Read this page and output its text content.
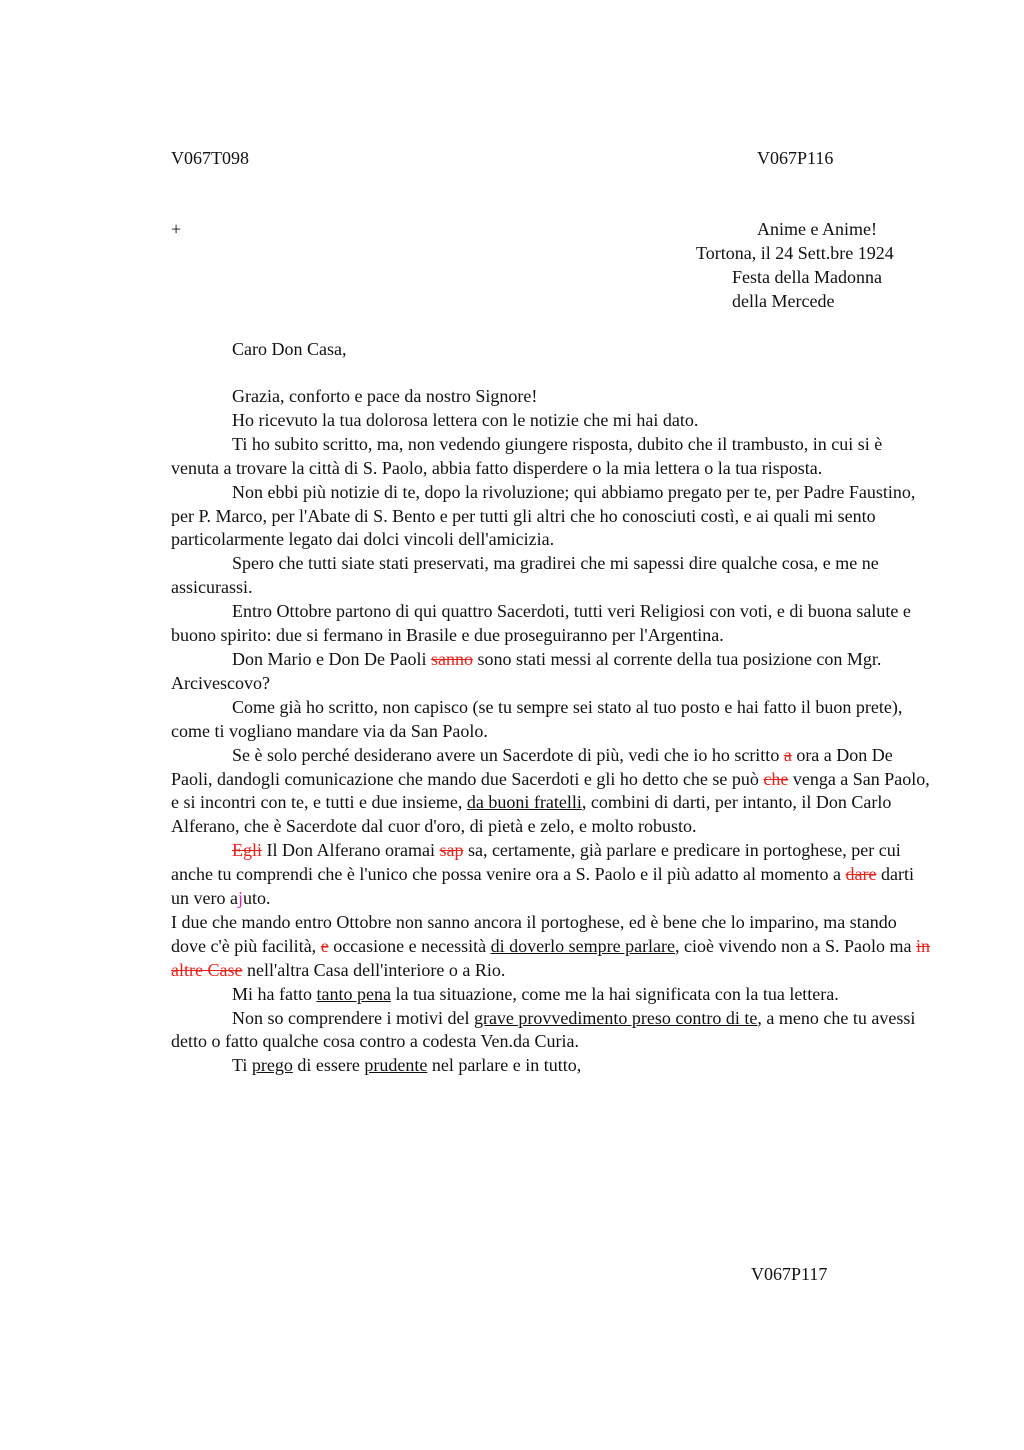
V067T098	V067P116
+	Anime e Anime!
Tortona, il 24 Sett.bre 1924
Festa della Madonna
della Mercede
Caro Don Casa,

Grazia, conforto e pace da nostro Signore!

Ho ricevuto la tua dolorosa lettera con le notizie che mi hai dato.

Ti ho subito scritto, ma, non vedendo giungere risposta, dubito che il trambusto, in cui si è venuta a trovare la città di S. Paolo, abbia fatto disperdere o la mia lettera o la tua risposta.

Non ebbi più notizie di te, dopo la rivoluzione; qui abbiamo pregato per te, per Padre Faustino, per P. Marco, per l'Abate di S. Bento e per tutti gli altri che ho conosciuti costì, e ai quali mi sento particolarmente legato dai dolci vincoli dell'amicizia.

Spero che tutti siate stati preservati, ma gradirei che mi sapessi dire qualche cosa, e me ne assicurassi.

Entro Ottobre partono di qui quattro Sacerdoti, tutti veri Religiosi con voti, e di buona salute e buono spirito: due si fermano in Brasile e due proseguiranno per l'Argentina.

Don Mario e Don De Paoli sanno sono stati messi al corrente della tua posizione con Mgr. Arcivescovo?

Come già ho scritto, non capisco (se tu sempre sei stato al tuo posto e hai fatto il buon prete), come ti vogliano mandare via da San Paolo.

Se è solo perché desiderano avere un Sacerdote di più, vedi che io ho scritto a ora a Don De Paoli, dandogli comunicazione che mando due Sacerdoti e gli ho detto che se può che venga a San Paolo, e si incontri con te, e tutti e due insieme, da buoni fratelli, combini di darti, per intanto, il Don Carlo Alferano, che è Sacerdote dal cuor d'oro, di pietà e zelo, e molto robusto.

Egli Il Don Alferano oramai sap sa, certamente, già parlare e predicare in portoghese, per cui anche tu comprendi che è l'unico che possa venire ora a S. Paolo e il più adatto al momento a dare darti un vero ajuto.

I due che mando entro Ottobre non sanno ancora il portoghese, ed è bene che lo imparino, ma stando dove c'è più facilità, e occasione e necessità di doverlo sempre parlare, cioè vivendo non a S. Paolo ma in altre Case nell'altra Casa dell'interiore o a Rio.

Mi ha fatto tanto pena la tua situazione, come me la hai significata con la tua lettera.

Non so comprendere i motivi del grave provvedimento preso contro di te, a meno che tu avessi detto o fatto qualche cosa contro a codesta Ven.da Curia.

Ti prego di essere prudente nel parlare e in tutto,

V067P117
